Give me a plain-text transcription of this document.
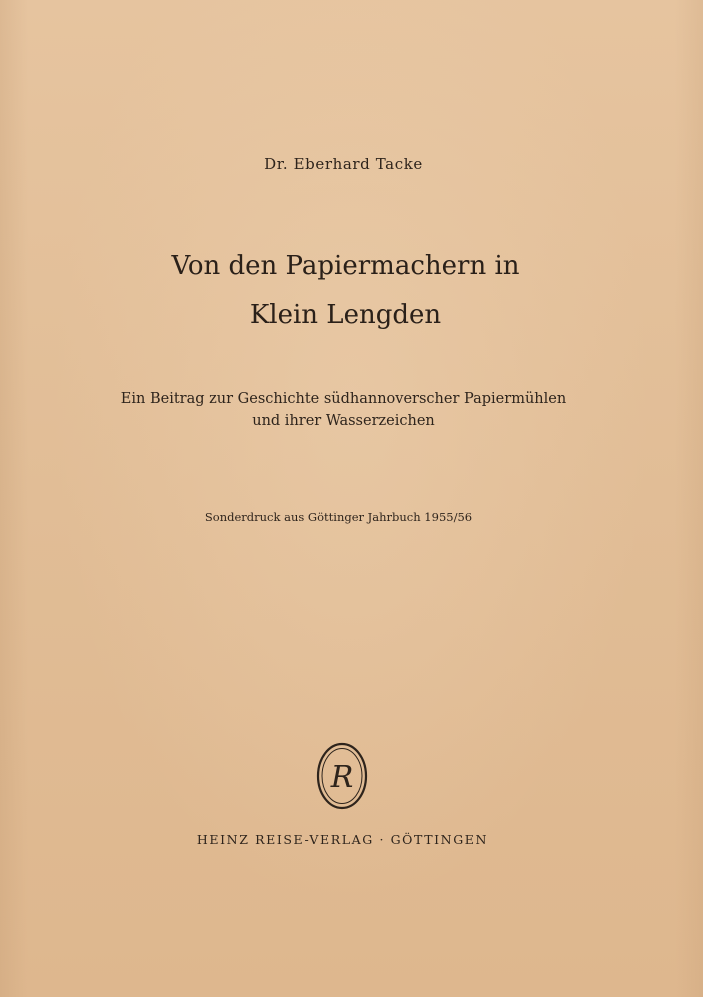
Dr. Eberhard Tacke
Von den Papiermachern in
Klein Lengden
Ein Beitrag zur Geschichte südhannoverscher Papiermühlen
und ihrer Wasserzeichen
Sonderdruck aus Göttinger Jahrbuch 1955/56
R
HEINZ REISE-VERLAG · GÖTTINGEN
